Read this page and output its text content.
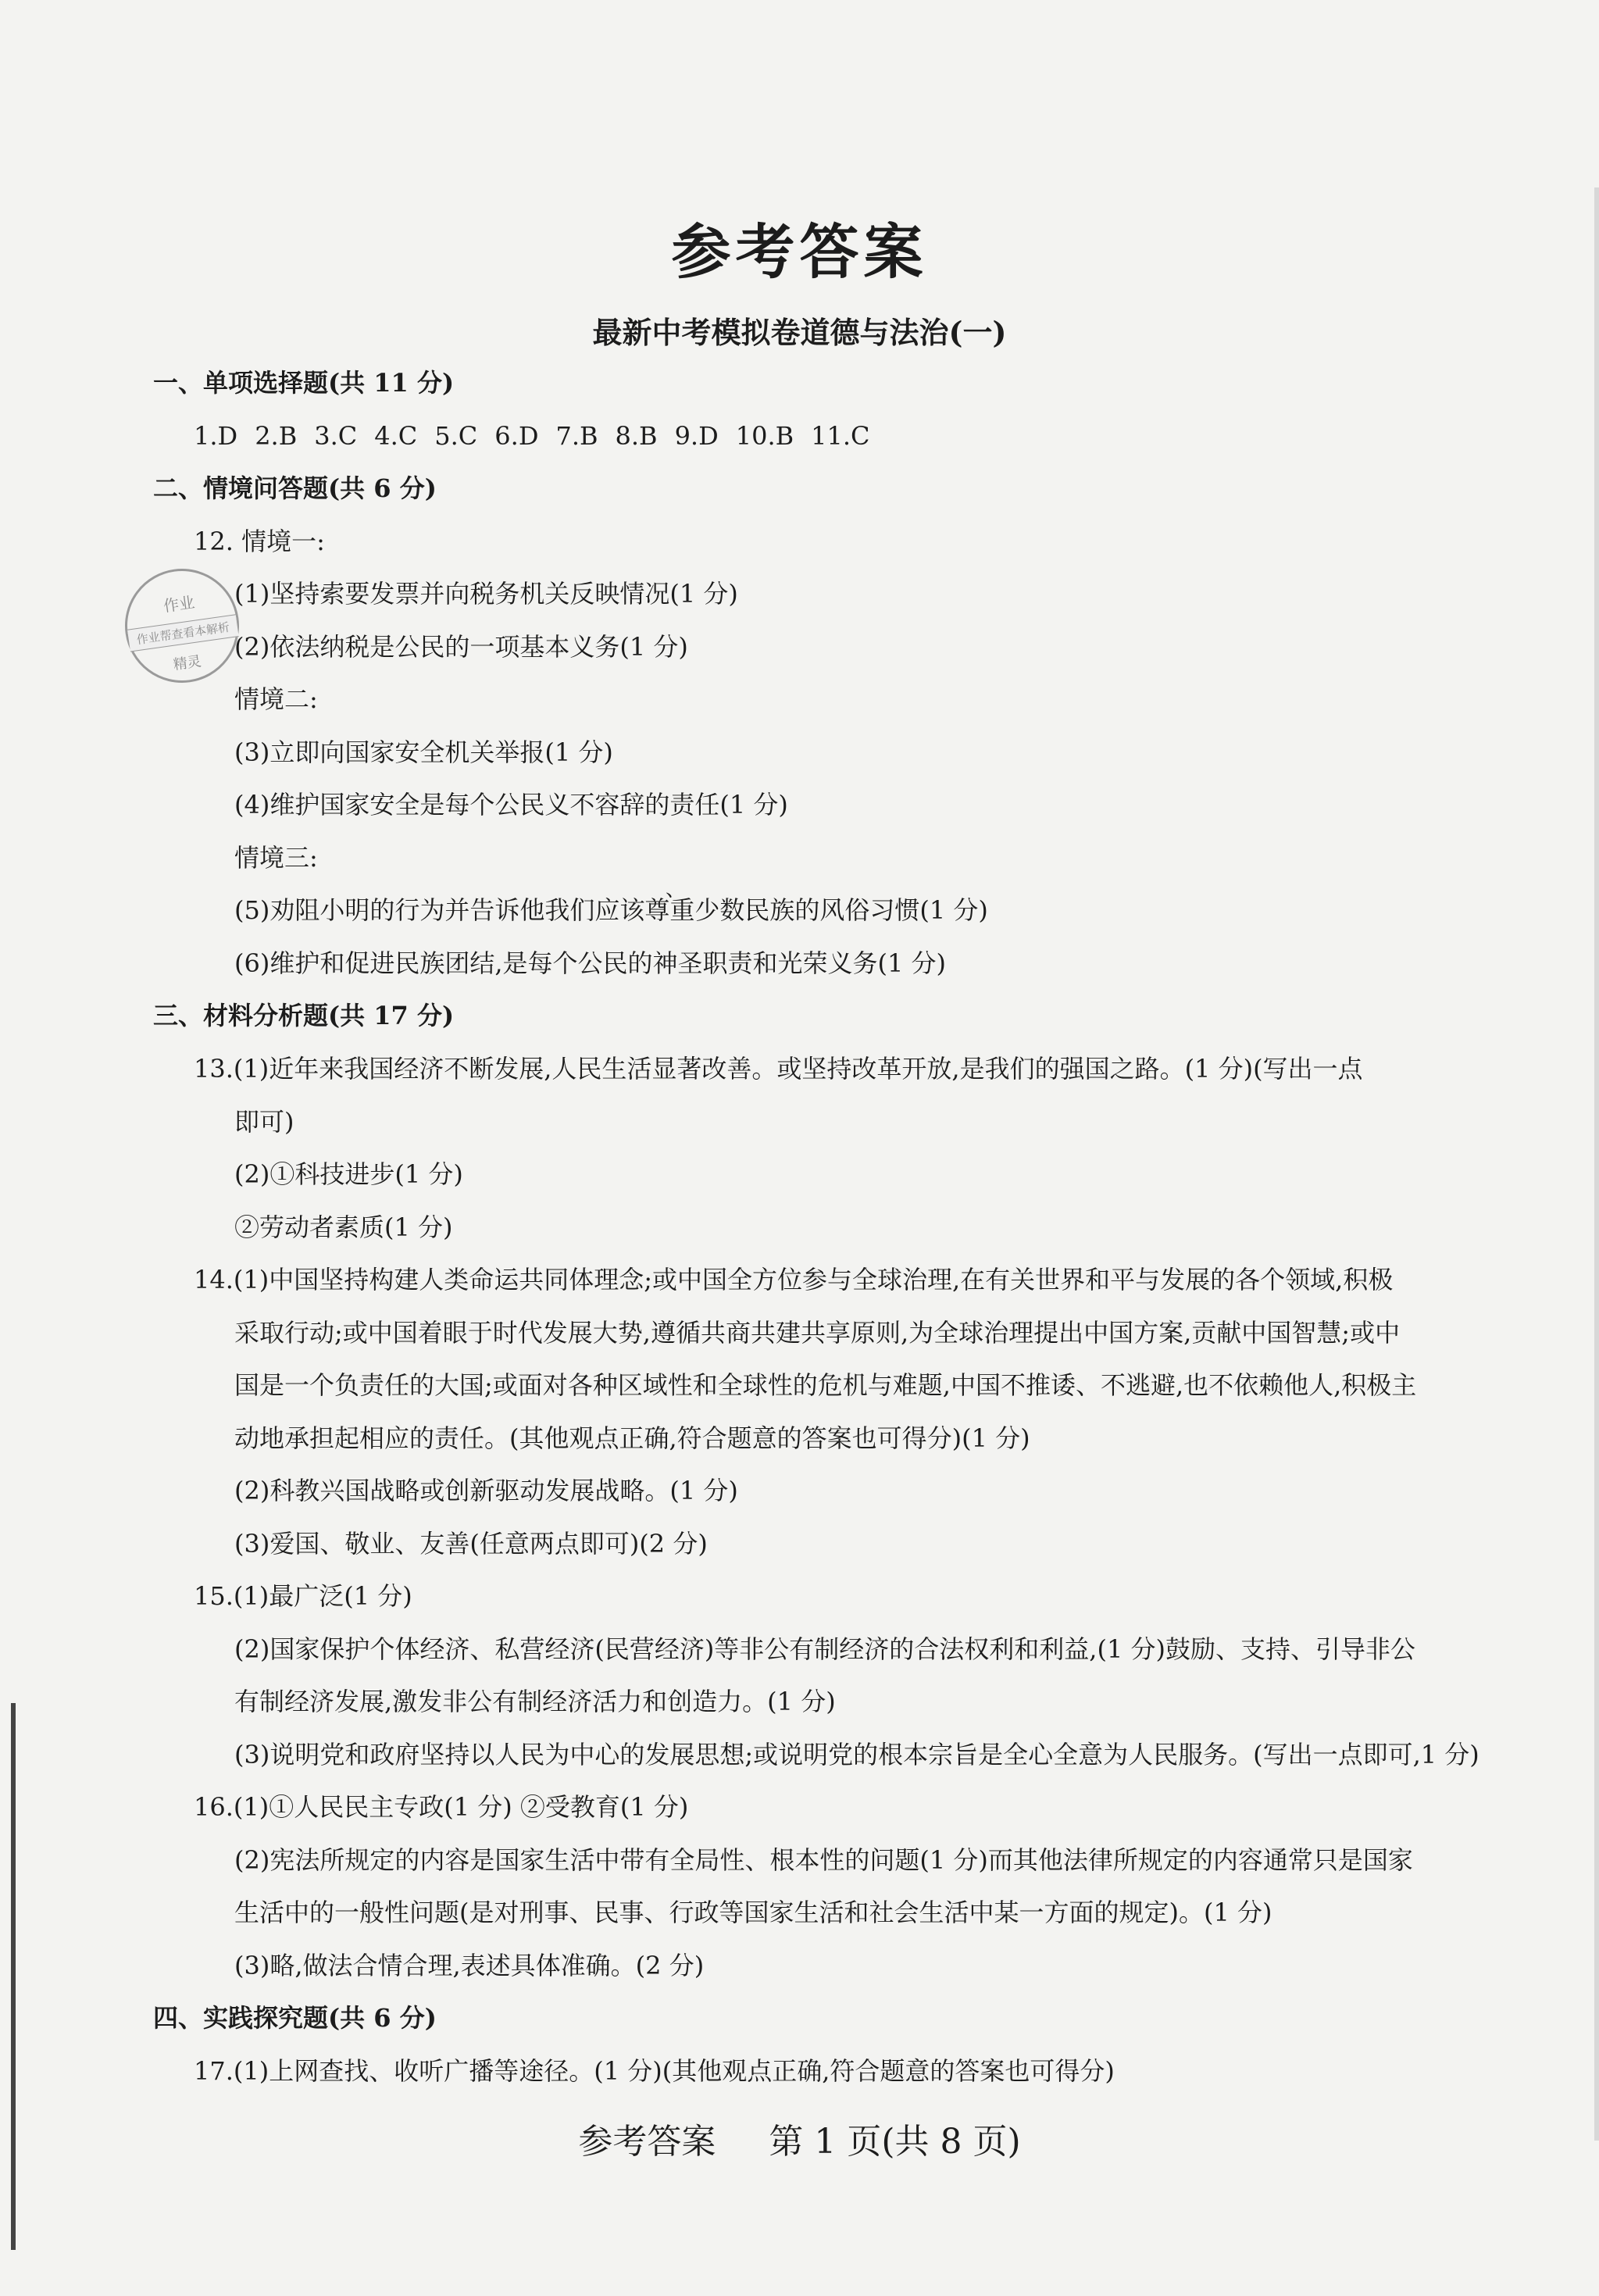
参考答案
最新中考模拟卷道德与法治(一)
作业
作业帮查看本解析
精灵
一、单项选择题(共 11 分)
1.D 2.B 3.C 4.C 5.C 6.D 7.B 8.B 9.D 10.B 11.C
二、情境问答题(共 6 分)
12. 情境一:
(1)坚持索要发票并向税务机关反映情况(1 分)
(2)依法纳税是公民的一项基本义务(1 分)
情境二:
(3)立即向国家安全机关举报(1 分)
(4)维护国家安全是每个公民义不容辞的责任(1 分)
情境三:
、
(5)劝阻小明的行为并告诉他我们应该尊重少数民族的风俗习惯(1 分)
(6)维护和促进民族团结,是每个公民的神圣职责和光荣义务(1 分)
三、材料分析题(共 17 分)
13.(1)近年来我国经济不断发展,人民生活显著改善。或坚持改革开放,是我们的强国之路。(1 分)(写出一点
即可)
(2)①科技进步(1 分)
②劳动者素质(1 分)
14.(1)中国坚持构建人类命运共同体理念;或中国全方位参与全球治理,在有关世界和平与发展的各个领域,积极
采取行动;或中国着眼于时代发展大势,遵循共商共建共享原则,为全球治理提出中国方案,贡献中国智慧;或中
国是一个负责任的大国;或面对各种区域性和全球性的危机与难题,中国不推诿、不逃避,也不依赖他人,积极主
动地承担起相应的责任。(其他观点正确,符合题意的答案也可得分)(1 分)
(2)科教兴国战略或创新驱动发展战略。(1 分)
(3)爱国、敬业、友善(任意两点即可)(2 分)
15.(1)最广泛(1 分)
(2)国家保护个体经济、私营经济(民营经济)等非公有制经济的合法权利和利益,(1 分)鼓励、支持、引导非公
有制经济发展,激发非公有制经济活力和创造力。(1 分)
(3)说明党和政府坚持以人民为中心的发展思想;或说明党的根本宗旨是全心全意为人民服务。(写出一点即可,1 分)
16.(1)①人民民主专政(1 分) ②受教育(1 分)
(2)宪法所规定的内容是国家生活中带有全局性、根本性的问题(1 分)而其他法律所规定的内容通常只是国家
生活中的一般性问题(是对刑事、民事、行政等国家生活和社会生活中某一方面的规定)。(1 分)
(3)略,做法合情合理,表述具体准确。(2 分)
四、实践探究题(共 6 分)
17.(1)上网查找、收听广播等途径。(1 分)(其他观点正确,符合题意的答案也可得分)
参考答案 第 1 页(共 8 页)
